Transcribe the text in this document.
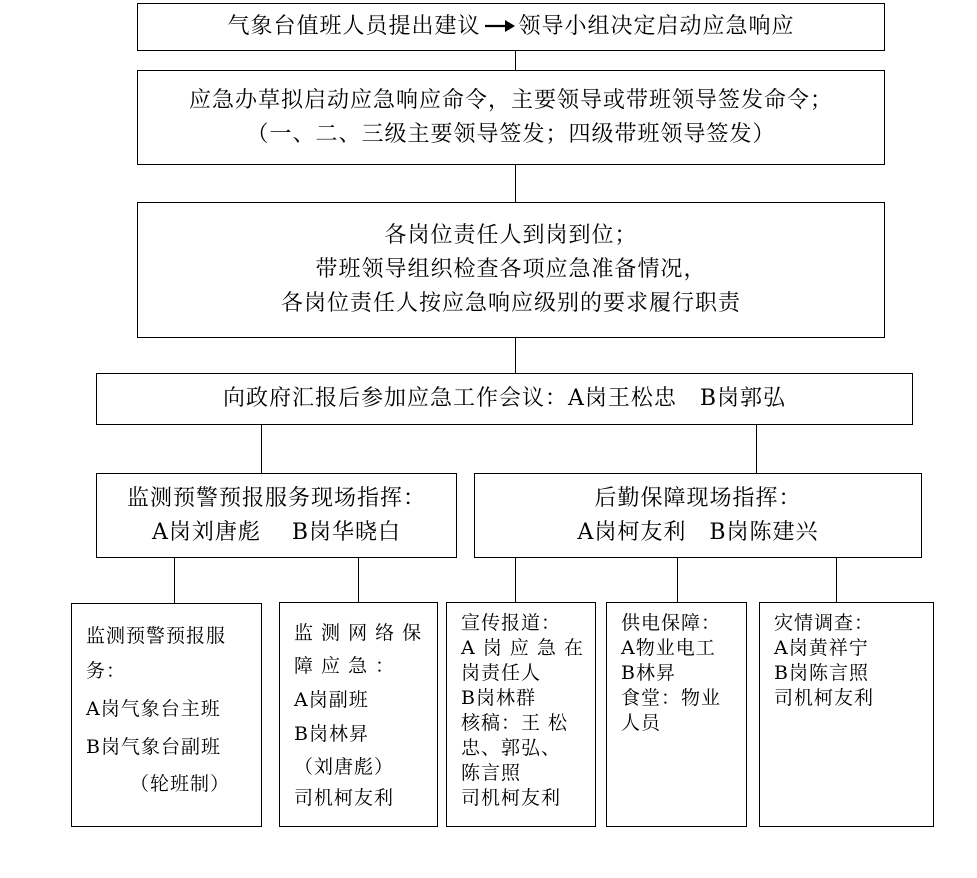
气象台值班人员提出建议 领导小组决定启动应急响应
应急办草拟启动应急响应命令，主要领导或带班领导签发命令；
（一、二、三级主要领导签发；四级带班领导签发）
各岗位责任人到岗到位；
带班领导组织检查各项应急准备情况，
各岗位责任人按应急响应级别的要求履行职责
向政府汇报后参加应急工作会议：A岗王松忠　B岗郭弘
监测预警预报服务现场指挥：
A岗刘唐彪　 B岗华晓白
后勤保障现场指挥：
A岗柯友利　B岗陈建兴
监测预警预报服
务：
A岗气象台主班
B岗气象台副班
（轮班制）
监 测 网 络 保
障 应 急 ：
A岗副班
B岗林昇
（刘唐彪）
司机柯友利
宣传报道：
A 岗 应 急 在
岗责任人
B岗林群
核稿：王 松
忠、郭弘、
陈言照
司机柯友利
供电保障：
A物业电工
B林昇
食堂：物业
人员
灾情调查：
A岗黄祥宁
B岗陈言照
司机柯友利
